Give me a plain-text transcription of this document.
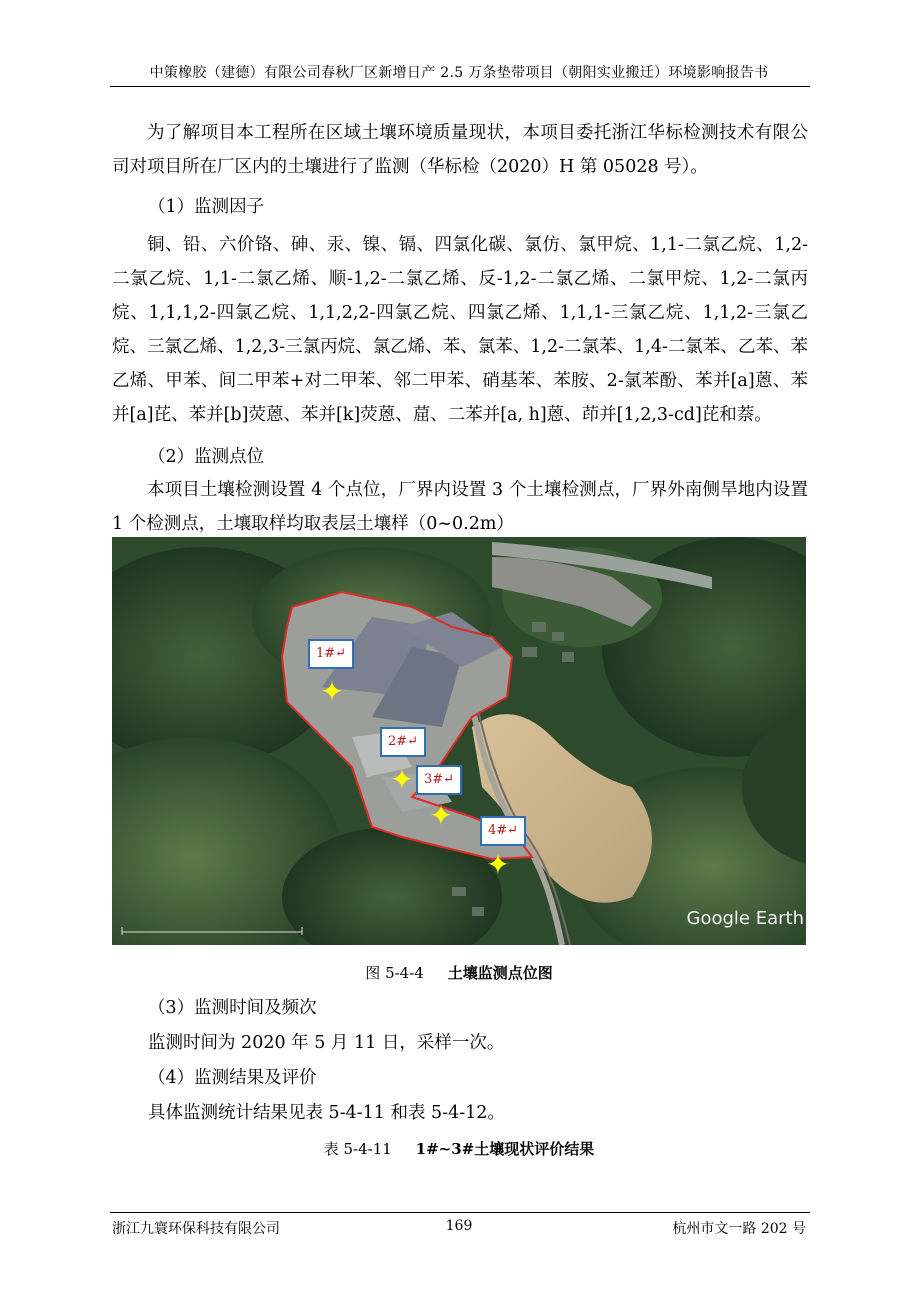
中策橡胶（建德）有限公司春秋厂区新增日产 2.5 万条垫带项目（朝阳实业搬迁）环境影响报告书
为了解项目本工程所在区域土壤环境质量现状，本项目委托浙江华标检测技术有限公司对项目所在厂区内的土壤进行了监测（华标检（2020）H 第 05028 号）。
（1）监测因子
铜、铅、六价铬、砷、汞、镍、镉、四氯化碳、氯仿、氯甲烷、1,1-二氯乙烷、1,2-二氯乙烷、1,1-二氯乙烯、顺-1,2-二氯乙烯、反-1,2-二氯乙烯、二氯甲烷、1,2-二氯丙烷、1,1,1,2-四氯乙烷、1,1,2,2-四氯乙烷、四氯乙烯、1,1,1-三氯乙烷、1,1,2-三氯乙烷、三氯乙烯、1,2,3-三氯丙烷、氯乙烯、苯、氯苯、1,2-二氯苯、1,4-二氯苯、乙苯、苯乙烯、甲苯、间二甲苯+对二甲苯、邻二甲苯、硝基苯、苯胺、2-氯苯酚、苯并[a]蒽、苯并[a]芘、苯并[b]荧蒽、苯并[k]荧蒽、䓛、二苯并[a, h]蒽、茚并[1,2,3-cd]芘和萘。
（2）监测点位
本项目土壤检测设置 4 个点位，厂界内设置 3 个土壤检测点，厂界外南侧旱地内设置 1 个检测点，土壤取样均取表层土壤样（0~0.2m）
1#↵
✦
2#↵
✦ 3#↵
✦	4#↵
✦
Google Earth
图 5-4-4 土壤监测点位图
（3）监测时间及频次
监测时间为 2020 年 5 月 11 日，采样一次。
（4）监测结果及评价
具体监测统计结果见表 5-4-11 和表 5-4-12。
表 5-4-11 1#~3#土壤现状评价结果
浙江九寰环保科技有限公司	169	杭州市文一路 202 号
